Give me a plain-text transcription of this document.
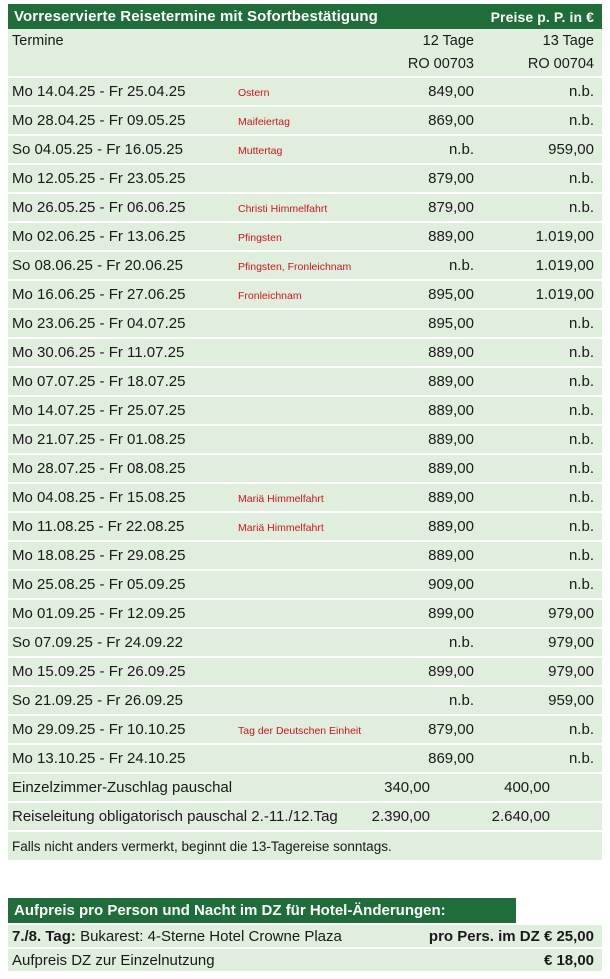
Vorreservierte Reisetermine mit Sofortbestätigung	Preise p. P. in €
Termine	12 Tage	13 Tage
RO 00703	RO 00704
Mo 14.04.25 - Fr 25.04.25	Ostern	849,00	n.b.
Mo 28.04.25 - Fr 09.05.25	Maifeiertag	869,00	n.b.
So 04.05.25 - Fr 16.05.25	Muttertag	n.b.	959,00
Mo 12.05.25 - Fr 23.05.25	879,00	n.b.
Mo 26.05.25 - Fr 06.06.25	Christi Himmelfahrt	879,00	n.b.
Mo 02.06.25 - Fr 13.06.25	Pfingsten	889,00	1.019,00
So 08.06.25 - Fr 20.06.25	Pfingsten, Fronleichnam	n.b.	1.019,00
Mo 16.06.25 - Fr 27.06.25	Fronleichnam	895,00	1.019,00
Mo 23.06.25 - Fr 04.07.25	895,00	n.b.
Mo 30.06.25 - Fr 11.07.25	889,00	n.b.
Mo 07.07.25 - Fr 18.07.25	889,00	n.b.
Mo 14.07.25 - Fr 25.07.25	889,00	n.b.
Mo 21.07.25 - Fr 01.08.25	889,00	n.b.
Mo 28.07.25 - Fr 08.08.25	889,00	n.b.
Mo 04.08.25 - Fr 15.08.25	Mariä Himmelfahrt	889,00	n.b.
Mo 11.08.25 - Fr 22.08.25	Mariä Himmelfahrt	889,00	n.b.
Mo 18.08.25 - Fr 29.08.25	889,00	n.b.
Mo 25.08.25 - Fr 05.09.25	909,00	n.b.
Mo 01.09.25 - Fr 12.09.25	899,00	979,00
So 07.09.25 - Fr 24.09.22	n.b.	979,00
Mo 15.09.25 - Fr 26.09.25	899,00	979,00
So 21.09.25 - Fr 26.09.25	n.b.	959,00
Mo 29.09.25 - Fr 10.10.25	Tag der Deutschen Einheit	879,00	n.b.
Mo 13.10.25 - Fr 24.10.25	869,00	n.b.
Einzelzimmer-Zuschlag pauschal	340,00	400,00
Reiseleitung obligatorisch pauschal 2.-11./12.Tag	2.390,00	2.640,00
Falls nicht anders vermerkt, beginnt die 13-Tagereise sonntags.
Aufpreis pro Person und Nacht im DZ für Hotel-Änderungen:
7./8. Tag: Bukarest: 4-Sterne Hotel Crowne Plaza	pro Pers. im DZ € 25,00
Aufpreis DZ zur Einzelnutzung	€ 18,00
